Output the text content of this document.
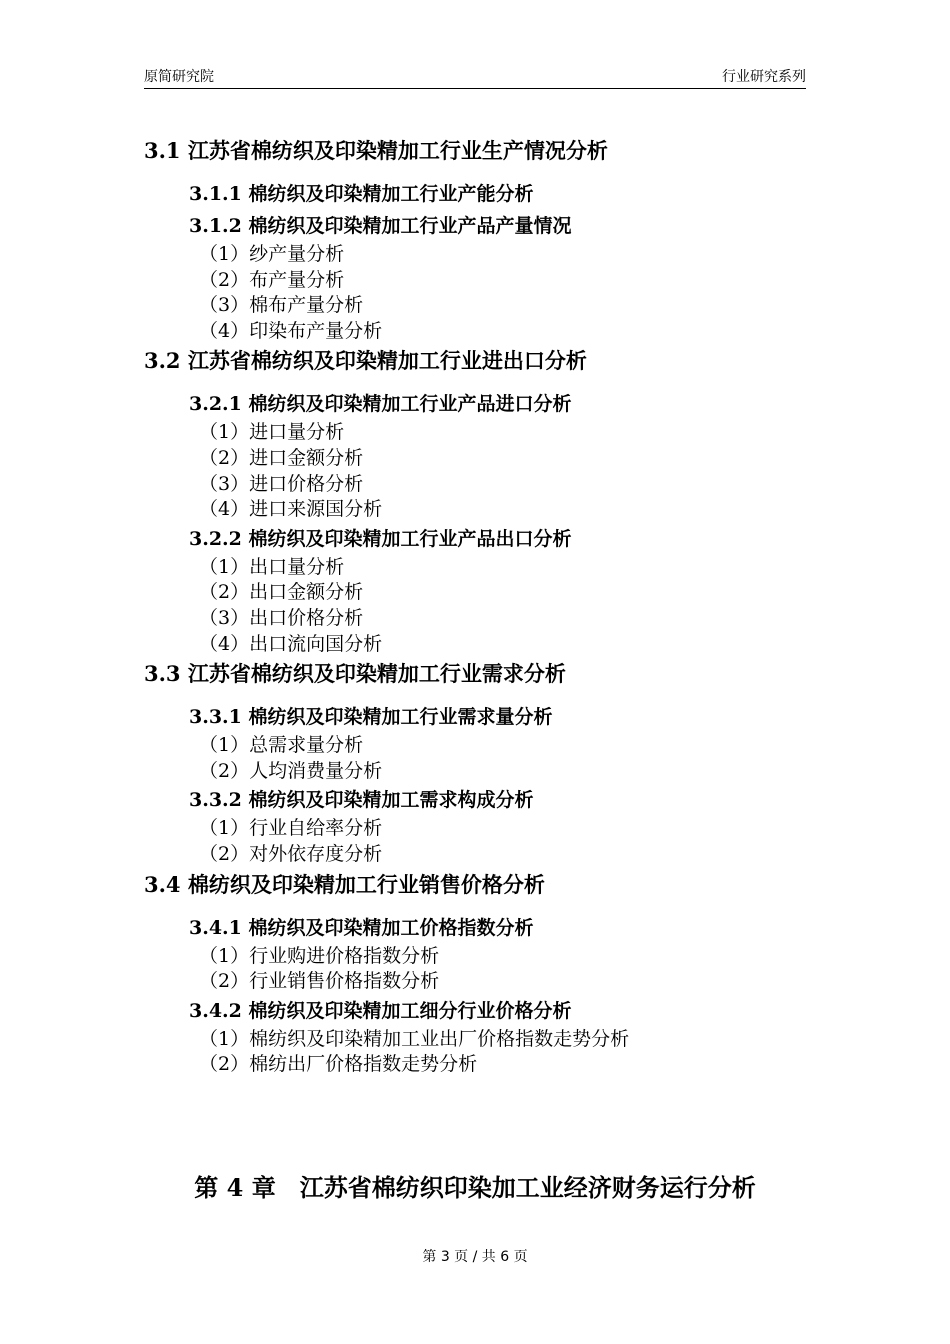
原简研究院	行业研究系列
3.1 江苏省棉纺织及印染精加工行业生产情况分析
3.1.1 棉纺织及印染精加工行业产能分析
3.1.2 棉纺织及印染精加工行业产品产量情况
（1）纱产量分析
（2）布产量分析
（3）棉布产量分析
（4）印染布产量分析
3.2 江苏省棉纺织及印染精加工行业进出口分析
3.2.1 棉纺织及印染精加工行业产品进口分析
（1）进口量分析
（2）进口金额分析
（3）进口价格分析
（4）进口来源国分析
3.2.2 棉纺织及印染精加工行业产品出口分析
（1）出口量分析
（2）出口金额分析
（3）出口价格分析
（4）出口流向国分析
3.3 江苏省棉纺织及印染精加工行业需求分析
3.3.1 棉纺织及印染精加工行业需求量分析
（1）总需求量分析
（2）人均消费量分析
3.3.2 棉纺织及印染精加工需求构成分析
（1）行业自给率分析
（2）对外依存度分析
3.4 棉纺织及印染精加工行业销售价格分析
3.4.1 棉纺织及印染精加工价格指数分析
（1）行业购进价格指数分析
（2）行业销售价格指数分析
3.4.2 棉纺织及印染精加工细分行业价格分析
（1）棉纺织及印染精加工业出厂价格指数走势分析
（2）棉纺出厂价格指数走势分析
第 4 章　江苏省棉纺织印染加工业经济财务运行分析
第 3 页 / 共 6 页
